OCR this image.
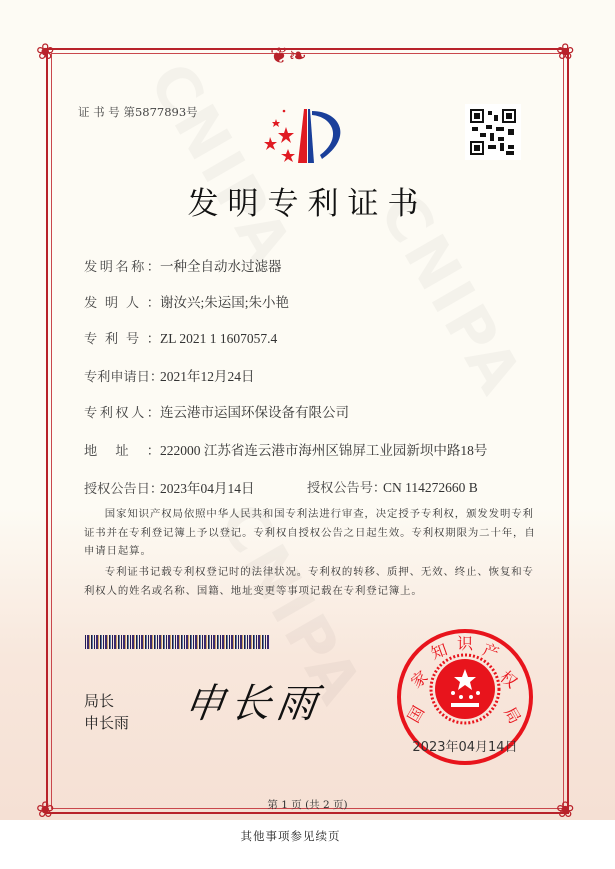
❦❧
❀	❀
❀	❀
证 书 号 第5877893号
发明专利证书
发明名称：一种全自动水过滤器
发明人：谢汝兴;朱运国;朱小艳
专利号：ZL 2021 1 1607057.4
专利申请日：2021年12月24日
专利权人：连云港市运国环保设备有限公司
地址：222000 江苏省连云港市海州区锦屏工业园新坝中路18号
授权公告日：2023年04月14日	授权公告号：CN 114272660 B

国家知识产权局依照中华人民共和国专利法进行审查，决定授予专利权，颁发发明专利证书并在专利登记簿上予以登记。专利权自授权公告之日起生效。专利权期限为二十年，自申请日起算。

专利证书记载专利权登记时的法律状况。专利权的转移、质押、无效、终止、恢复和专利权人的姓名或名称、国籍、地址变更等事项记载在专利登记簿上。

局长
申长雨 申长雨	国
家
知 识 产
权
局
2023年04月14日
第 1 页 (共 2 页)
其他事项参见续页
